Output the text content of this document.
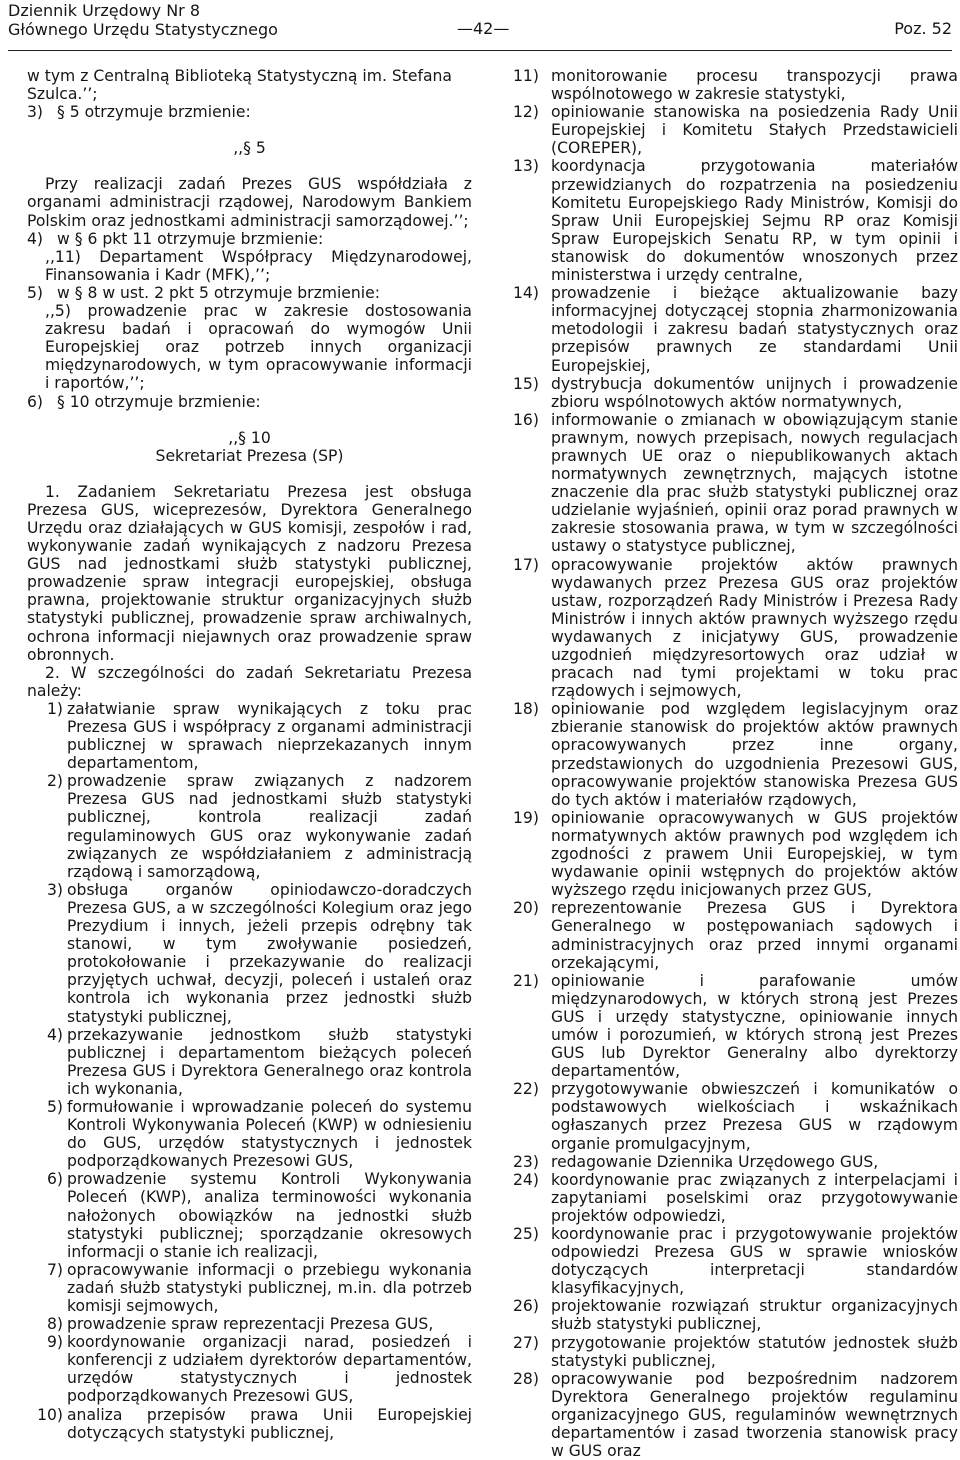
Dziennik Urzędowy Nr 8
Głównego Urzędu Statystycznego	—42—	Poz. 52

w tym z Centralną Biblioteką Statystyczną im. Stefana

Szulca.’’;

3) § 5 otrzymuje brzmienie:

,,§ 5

Przy realizacji zadań Prezes GUS współdziała z organami administracji rządowej, Narodowym Bankiem Polskim oraz jednostkami administracji samorządowej.’’;

4) w § 6 pkt 11 otrzymuje brzmienie:

,,11) Departament Współpracy Międzynarodowej, Finansowania i Kadr (MFK),’’;

5) w § 8 w ust. 2 pkt 5 otrzymuje brzmienie:

,,5) prowadzenie prac w zakresie dostosowania zakresu badań i opracowań do wymogów Unii Europejskiej oraz potrzeb innych organizacji międzynarodowych, w tym opracowywanie informacji i raportów,’’;

6) § 10 otrzymuje brzmienie:

,,§ 10

Sekretariat Prezesa (SP)

1. Zadaniem Sekretariatu Prezesa jest obsługa Prezesa GUS, wiceprezesów, Dyrektora Generalnego Urzędu oraz działających w GUS komisji, zespołów i rad, wykonywanie zadań wynikających z nadzoru Prezesa GUS nad jednostkami służb statystyki publicznej, prowadzenie spraw integracji europejskiej, obsługa prawna, projektowanie struktur organizacyjnych służb statystyki publicznej, prowadzenie spraw archiwalnych, ochrona informacji niejawnych oraz prowadzenie spraw obronnych.

2. W szczególności do zadań Sekretariatu Prezesa należy:

1) załatwianie spraw wynikających z toku prac Prezesa GUS i współpracy z organami administracji publicznej w sprawach nieprzekazanych innym departamentom,
2) prowadzenie spraw związanych z nadzorem Prezesa GUS nad jednostkami służb statystyki publicznej, kontrola realizacji zadań regulaminowych GUS oraz wykonywanie zadań związanych ze współdziałaniem z administracją rządową i samorządową,
3) obsługa organów opiniodawczo-doradczych Prezesa GUS, a w szczególności Kolegium oraz jego Prezydium i innych, jeżeli przepis odrębny tak stanowi, w tym zwoływanie posiedzeń, protokołowanie i przekazywanie do realizacji przyjętych uchwał, decyzji, poleceń i ustaleń oraz kontrola ich wykonania przez jednostki służb statystyki publicznej,
4) przekazywanie jednostkom służb statystyki publicznej i departamentom bieżących poleceń Prezesa GUS i Dyrektora Generalnego oraz kontrola ich wykonania,
5) formułowanie i wprowadzanie poleceń do systemu Kontroli Wykonywania Poleceń (KWP) w odniesieniu do GUS, urzędów statystycznych i jednostek podporządkowanych Prezesowi GUS,
6) prowadzenie systemu Kontroli Wykonywania Poleceń (KWP), analiza terminowości wykonania nałożonych obowiązków na jednostki służb statystyki publicznej; sporządzanie okresowych informacji o stanie ich realizacji,
7) opracowywanie informacji o przebiegu wykonania zadań służb statystyki publicznej, m.in. dla potrzeb komisji sejmowych,
8) prowadzenie spraw reprezentacji Prezesa GUS,
9) koordynowanie organizacji narad, posiedzeń i konferencji z udziałem dyrektorów departamentów, urzędów statystycznych i jednostek podporządkowanych Prezesowi GUS,
10) analiza przepisów prawa Unii Europejskiej dotyczących statystyki publicznej,
11) monitorowanie procesu transpozycji prawa wspólnotowego w zakresie statystyki,
12) opiniowanie stanowiska na posiedzenia Rady Unii Europejskiej i Komitetu Stałych Przedstawicieli (COREPER),
13) koordynacja przygotowania materiałów przewidzianych do rozpatrzenia na posiedzeniu Komitetu Europejskiego Rady Ministrów, Komisji do Spraw Unii Europejskiej Sejmu RP oraz Komisji Spraw Europejskich Senatu RP, w tym opinii i stanowisk do dokumentów wnoszonych przez ministerstwa i urzędy centralne,
14) prowadzenie i bieżące aktualizowanie bazy informacyjnej dotyczącej stopnia zharmonizowania metodologii i zakresu badań statystycznych oraz przepisów prawnych ze standardami Unii Europejskiej,
15) dystrybucja dokumentów unijnych i prowadzenie zbioru wspólnotowych aktów normatywnych,
16) informowanie o zmianach w obowiązującym stanie prawnym, nowych przepisach, nowych regulacjach prawnych UE oraz o niepublikowanych aktach normatywnych zewnętrznych, mających istotne znaczenie dla prac służb statystyki publicznej oraz udzielanie wyjaśnień, opinii oraz porad prawnych w zakresie stosowania prawa, w tym w szczególności ustawy o statystyce publicznej,
17) opracowywanie projektów aktów prawnych wydawanych przez Prezesa GUS oraz projektów ustaw, rozporządzeń Rady Ministrów i Prezesa Rady Ministrów i innych aktów prawnych wyższego rzędu wydawanych z inicjatywy GUS, prowadzenie uzgodnień międzyresortowych oraz udział w pracach nad tymi projektami w toku prac rządowych i sejmowych,
18) opiniowanie pod względem legislacyjnym oraz zbieranie stanowisk do projektów aktów prawnych opracowywanych przez inne organy, przedstawionych do uzgodnienia Prezesowi GUS, opracowywanie projektów stanowiska Prezesa GUS do tych aktów i materiałów rządowych,
19) opiniowanie opracowywanych w GUS projektów normatywnych aktów prawnych pod względem ich zgodności z prawem Unii Europejskiej, w tym wydawanie opinii wstępnych do projektów aktów wyższego rzędu inicjowanych przez GUS,
20) reprezentowanie Prezesa GUS i Dyrektora Generalnego w postępowaniach sądowych i administracyjnych oraz przed innymi organami orzekającymi,
21) opiniowanie i parafowanie umów międzynarodowych, w których stroną jest Prezes GUS i urzędy statystyczne, opiniowanie innych umów i porozumień, w których stroną jest Prezes GUS lub Dyrektor Generalny albo dyrektorzy departamentów,
22) przygotowywanie obwieszczeń i komunikatów o podstawowych wielkościach i wskaźnikach ogłaszanych przez Prezesa GUS w rządowym organie promulgacyjnym,
23) redagowanie Dziennika Urzędowego GUS,
24) koordynowanie prac związanych z interpelacjami i zapytaniami poselskimi oraz przygotowywanie projektów odpowiedzi,
25) koordynowanie prac i przygotowywanie projektów odpowiedzi Prezesa GUS w sprawie wniosków dotyczących interpretacji standardów klasyfikacyjnych,
26) projektowanie rozwiązań struktur organizacyjnych służb statystyki publicznej,
27) przygotowanie projektów statutów jednostek służb statystyki publicznej,
28) opracowywanie pod bezpośrednim nadzorem Dyrektora Generalnego projektów regulaminu organizacyjnego GUS, regulaminów wewnętrznych departamentów i zasad tworzenia stanowisk pracy w GUS oraz
